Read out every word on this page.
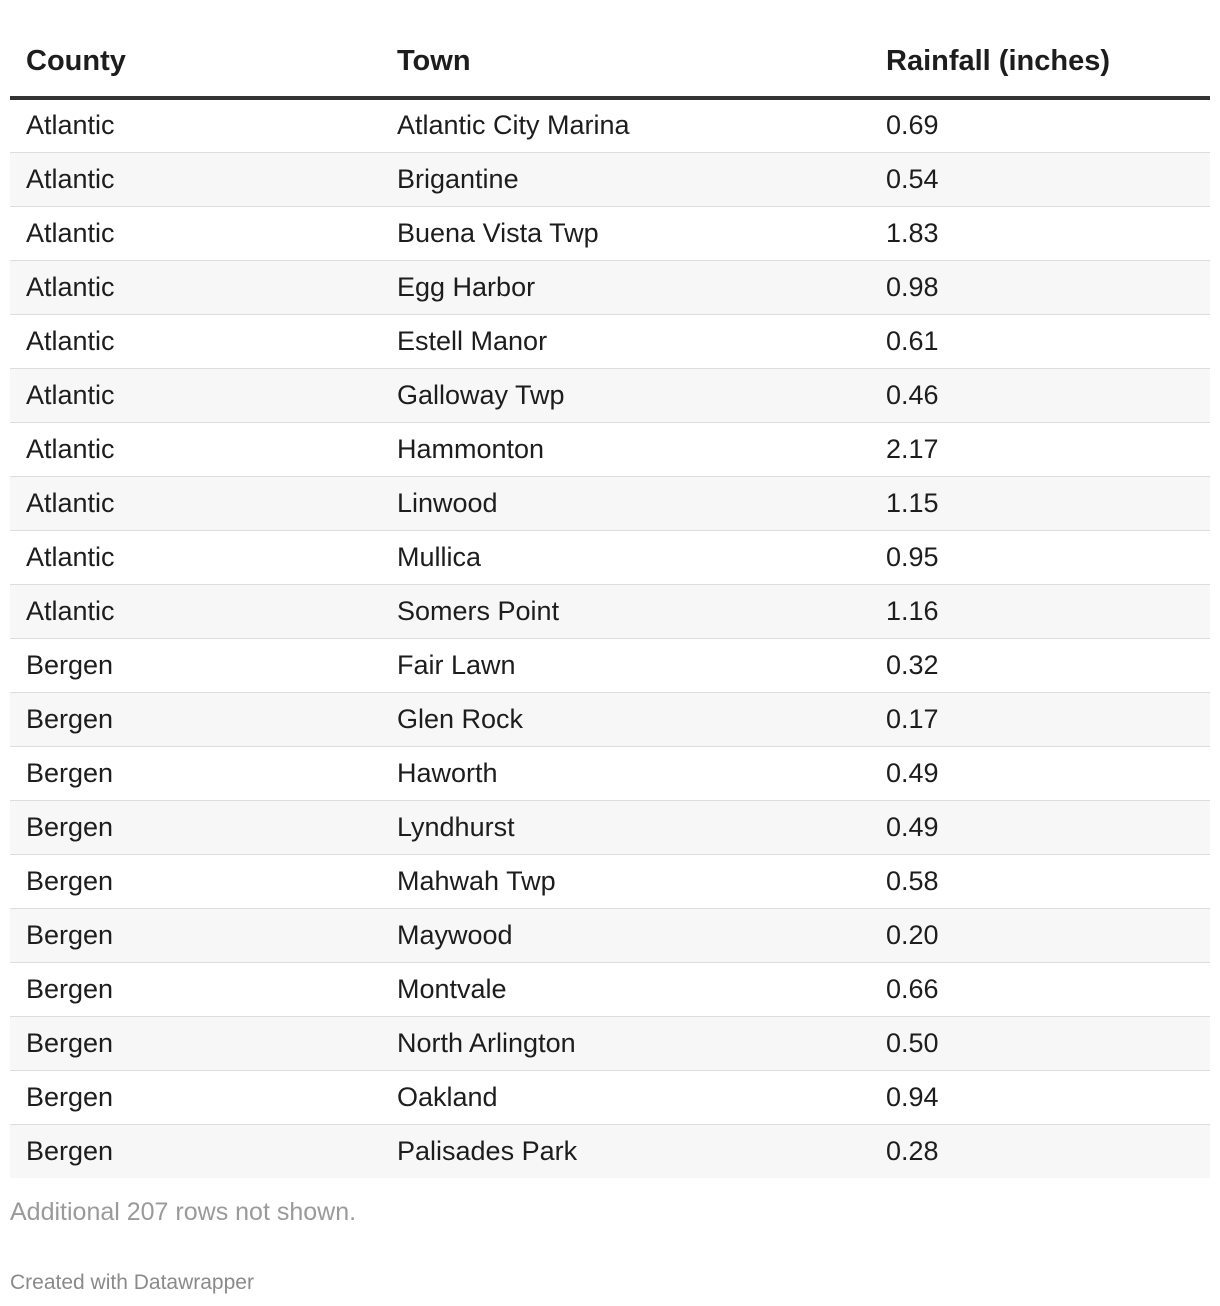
County	Town	Rainfall (inches)
Atlantic	Atlantic City Marina	0.69
Atlantic	Brigantine	0.54
Atlantic	Buena Vista Twp	1.83
Atlantic	Egg Harbor	0.98
Atlantic	Estell Manor	0.61
Atlantic	Galloway Twp	0.46
Atlantic	Hammonton	2.17
Atlantic	Linwood	1.15
Atlantic	Mullica	0.95
Atlantic	Somers Point	1.16
Bergen	Fair Lawn	0.32
Bergen	Glen Rock	0.17
Bergen	Haworth	0.49
Bergen	Lyndhurst	0.49
Bergen	Mahwah Twp	0.58
Bergen	Maywood	0.20
Bergen	Montvale	0.66
Bergen	North Arlington	0.50
Bergen	Oakland	0.94
Bergen	Palisades Park	0.28
Additional 207 rows not shown.
Created with Datawrapper
